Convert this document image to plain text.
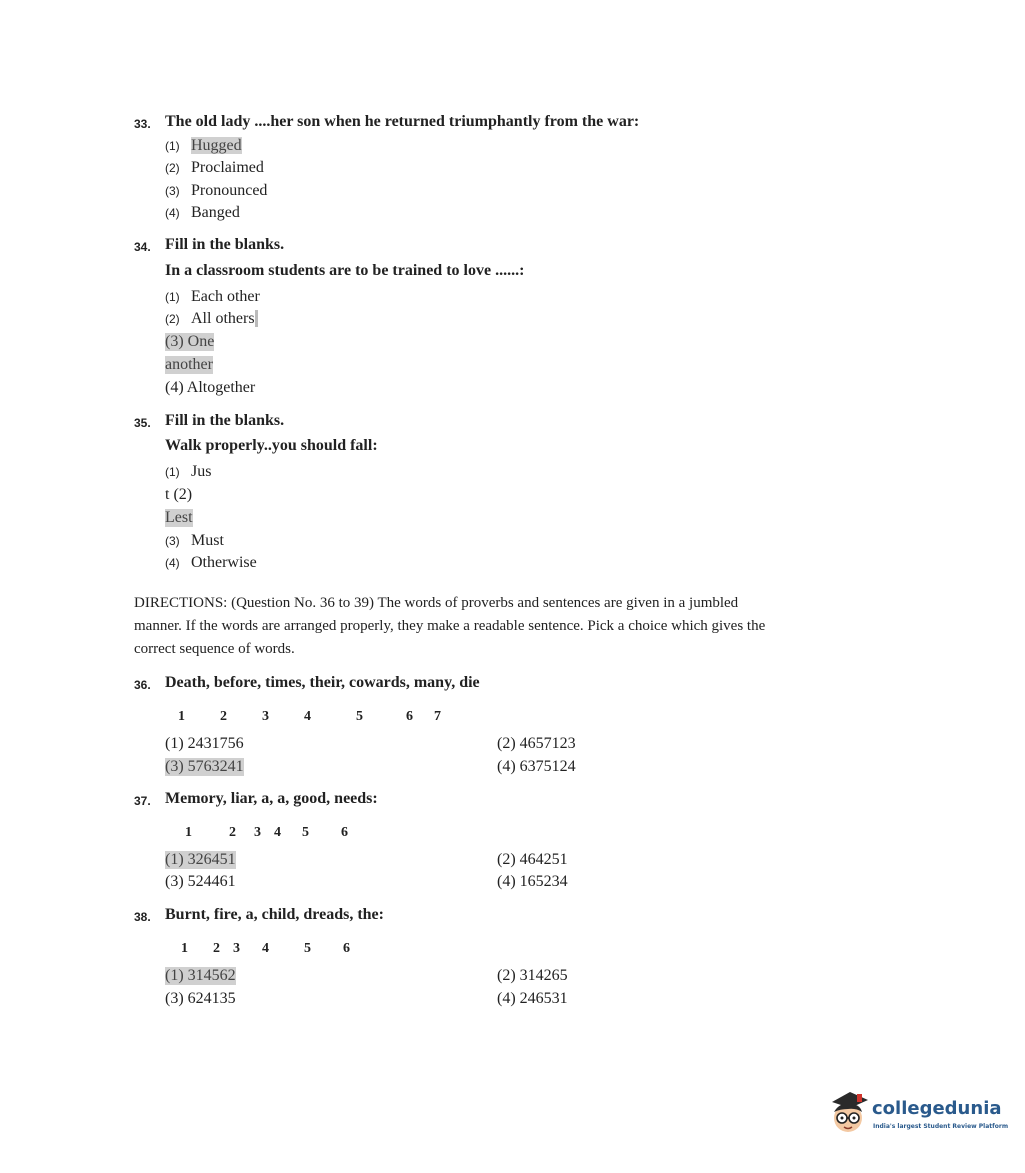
33. The old lady ....her son when he returned triumphantly from the war:
(1) Hugged
(2) Proclaimed
(3) Pronounced
(4) Banged
34. Fill in the blanks.
In a classroom students are to be trained to love ......:
(1) Each other
(2) All others
(3) One
another
(4) Altogether
35. Fill in the blanks.
Walk properly..you should fall:
(1) Jus
t (2)
Lest
(3) Must
(4) Otherwise
DIRECTIONS: (Question No. 36 to 39) The words of proverbs and sentences are given in a jumbled
manner. If the words are arranged properly, they make a readable sentence. Pick a choice which gives the
correct sequence of words.
36. Death, before, times, their, cowards, many, die
1	2	3	4	5	6 7
(1) 2431756	(2) 4657123
(3) 5763241	(4) 6375124
37. Memory, liar, a, a, good, needs:
1	2 3 4 5 6
(1) 326451	(2) 464251
(3) 524461	(4) 165234
38. Burnt, fire, a, child, dreads, the:
1 2 3 4	5 6
(1) 314562	(2) 314265
(3) 624135	(4) 246531
collegedunia
India's largest Student Review Platform
